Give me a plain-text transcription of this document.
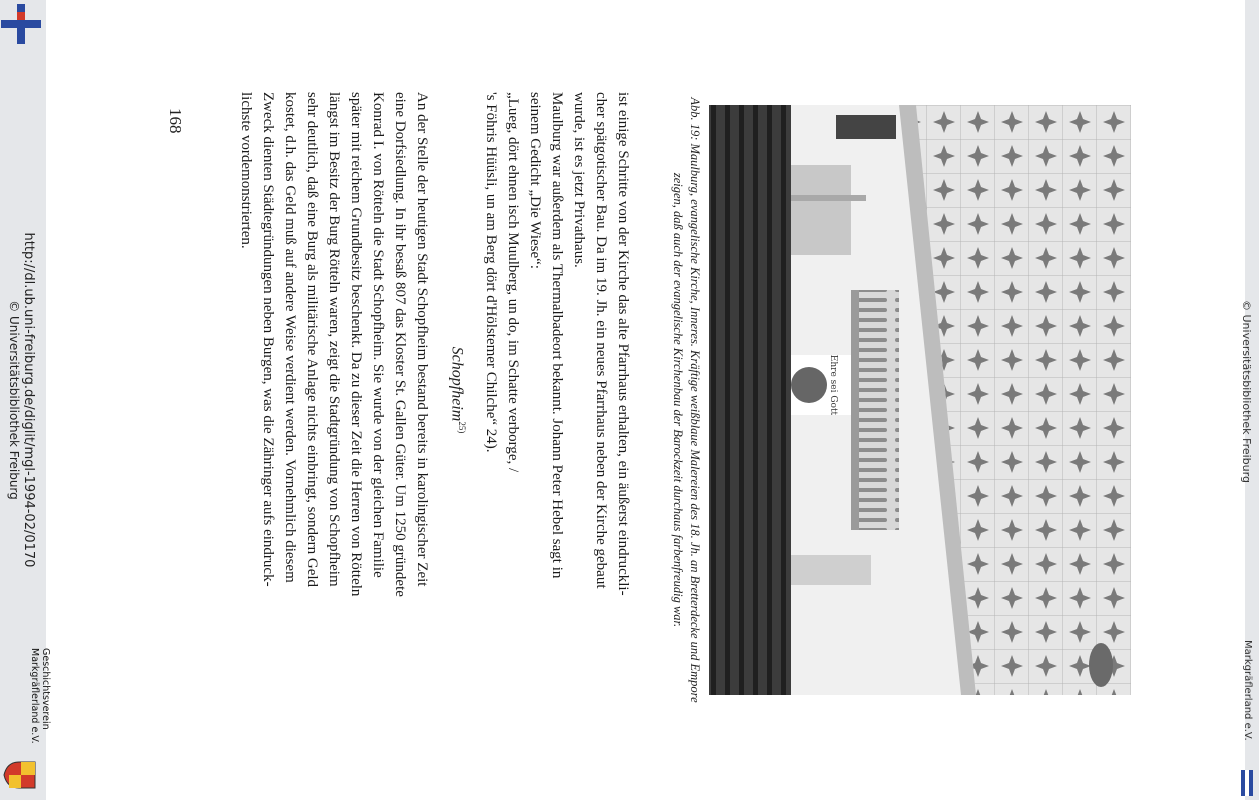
© Universitätsbibliothek Freiburg
Markgräflerland e.V.
Ehre sei Gott
Abb. 19: Maulburg, evangelische Kirche, Inneres. Kräftige weißblaue Malereien des 18. Jh. an Bretterdecke und Empore zeigen, daß auch der evangelische Kirchenbau der Barockzeit durchaus farbenfreudig war.

ist einige Schritte von der Kirche das alte Pfarrhaus erhalten, ein äußerst eindruckli-

cher spätgotischer Bau. Da im 19. Jh. ein neues Pfarrhaus neben der Kirche gebaut

wurde, ist es jetzt Privathaus.

Maulburg war außerdem als Thermalbadeort bekannt. Johann Peter Hebel sagt in

seinem Gedicht „Die Wiese“:

„Lueg, dört ehnen isch Muulberg, un do, im Schatte verborge, /

's Föhris Hüüsli, un am Berg dört d'Hölstemer Chilche“ 24).

Schopfheim$^{25)}$

An der Stelle der heutigen Stadt Schopfheim bestand bereits in karolingischer Zeit

eine Dorfsiedlung. In ihr besaß 807 das Kloster St. Gallen Güter. Um 1250 gründete

Konrad I. von Rötteln die Stadt Schopfheim. Sie wurde von der gleichen Familie

später mit reichem Grundbesitz beschenkt. Da zu dieser Zeit die Herren von Rötteln

längst im Besitz der Burg Rötteln waren, zeigt die Stadtgründung von Schopfheim

sehr deutlich, daß eine Burg als militärische Anlage nichts einbringt, sondern Geld

kostet, d.h. das Geld muß auf andere Weise verdient werden. Vornehmlich diesem

Zweck dienten Städtegründungen neben Burgen, was die Zähringer aufs eindruck-

lichste vordemonstrierten.

168
http://dl.ub.uni-freiburg.de/diglit/mgl-1994-02/0170
© Universitätsbibliothek Freiburg
Geschichtsverein
Markgräflerland e.V.
